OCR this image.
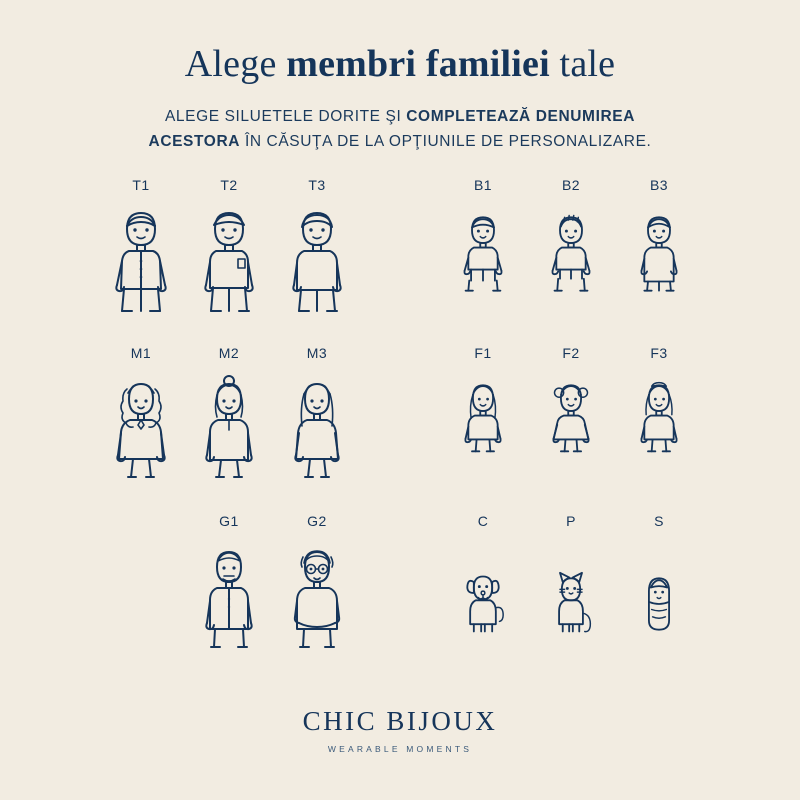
Alege membri familiei tale
ALEGE SILUETELE DORITE ŞI COMPLETEAZĂ DENUMIREA
ACESTORA ÎN CĂSUŢA DE LA OPŢIUNILE DE PERSONALIZARE.
T1	T2	T3	B1	B2	B3
M1	M2	M3	F1	F2	F3
G1	G2	C	P	S
CHIC BIJOUX
WEARABLE MOMENTS
